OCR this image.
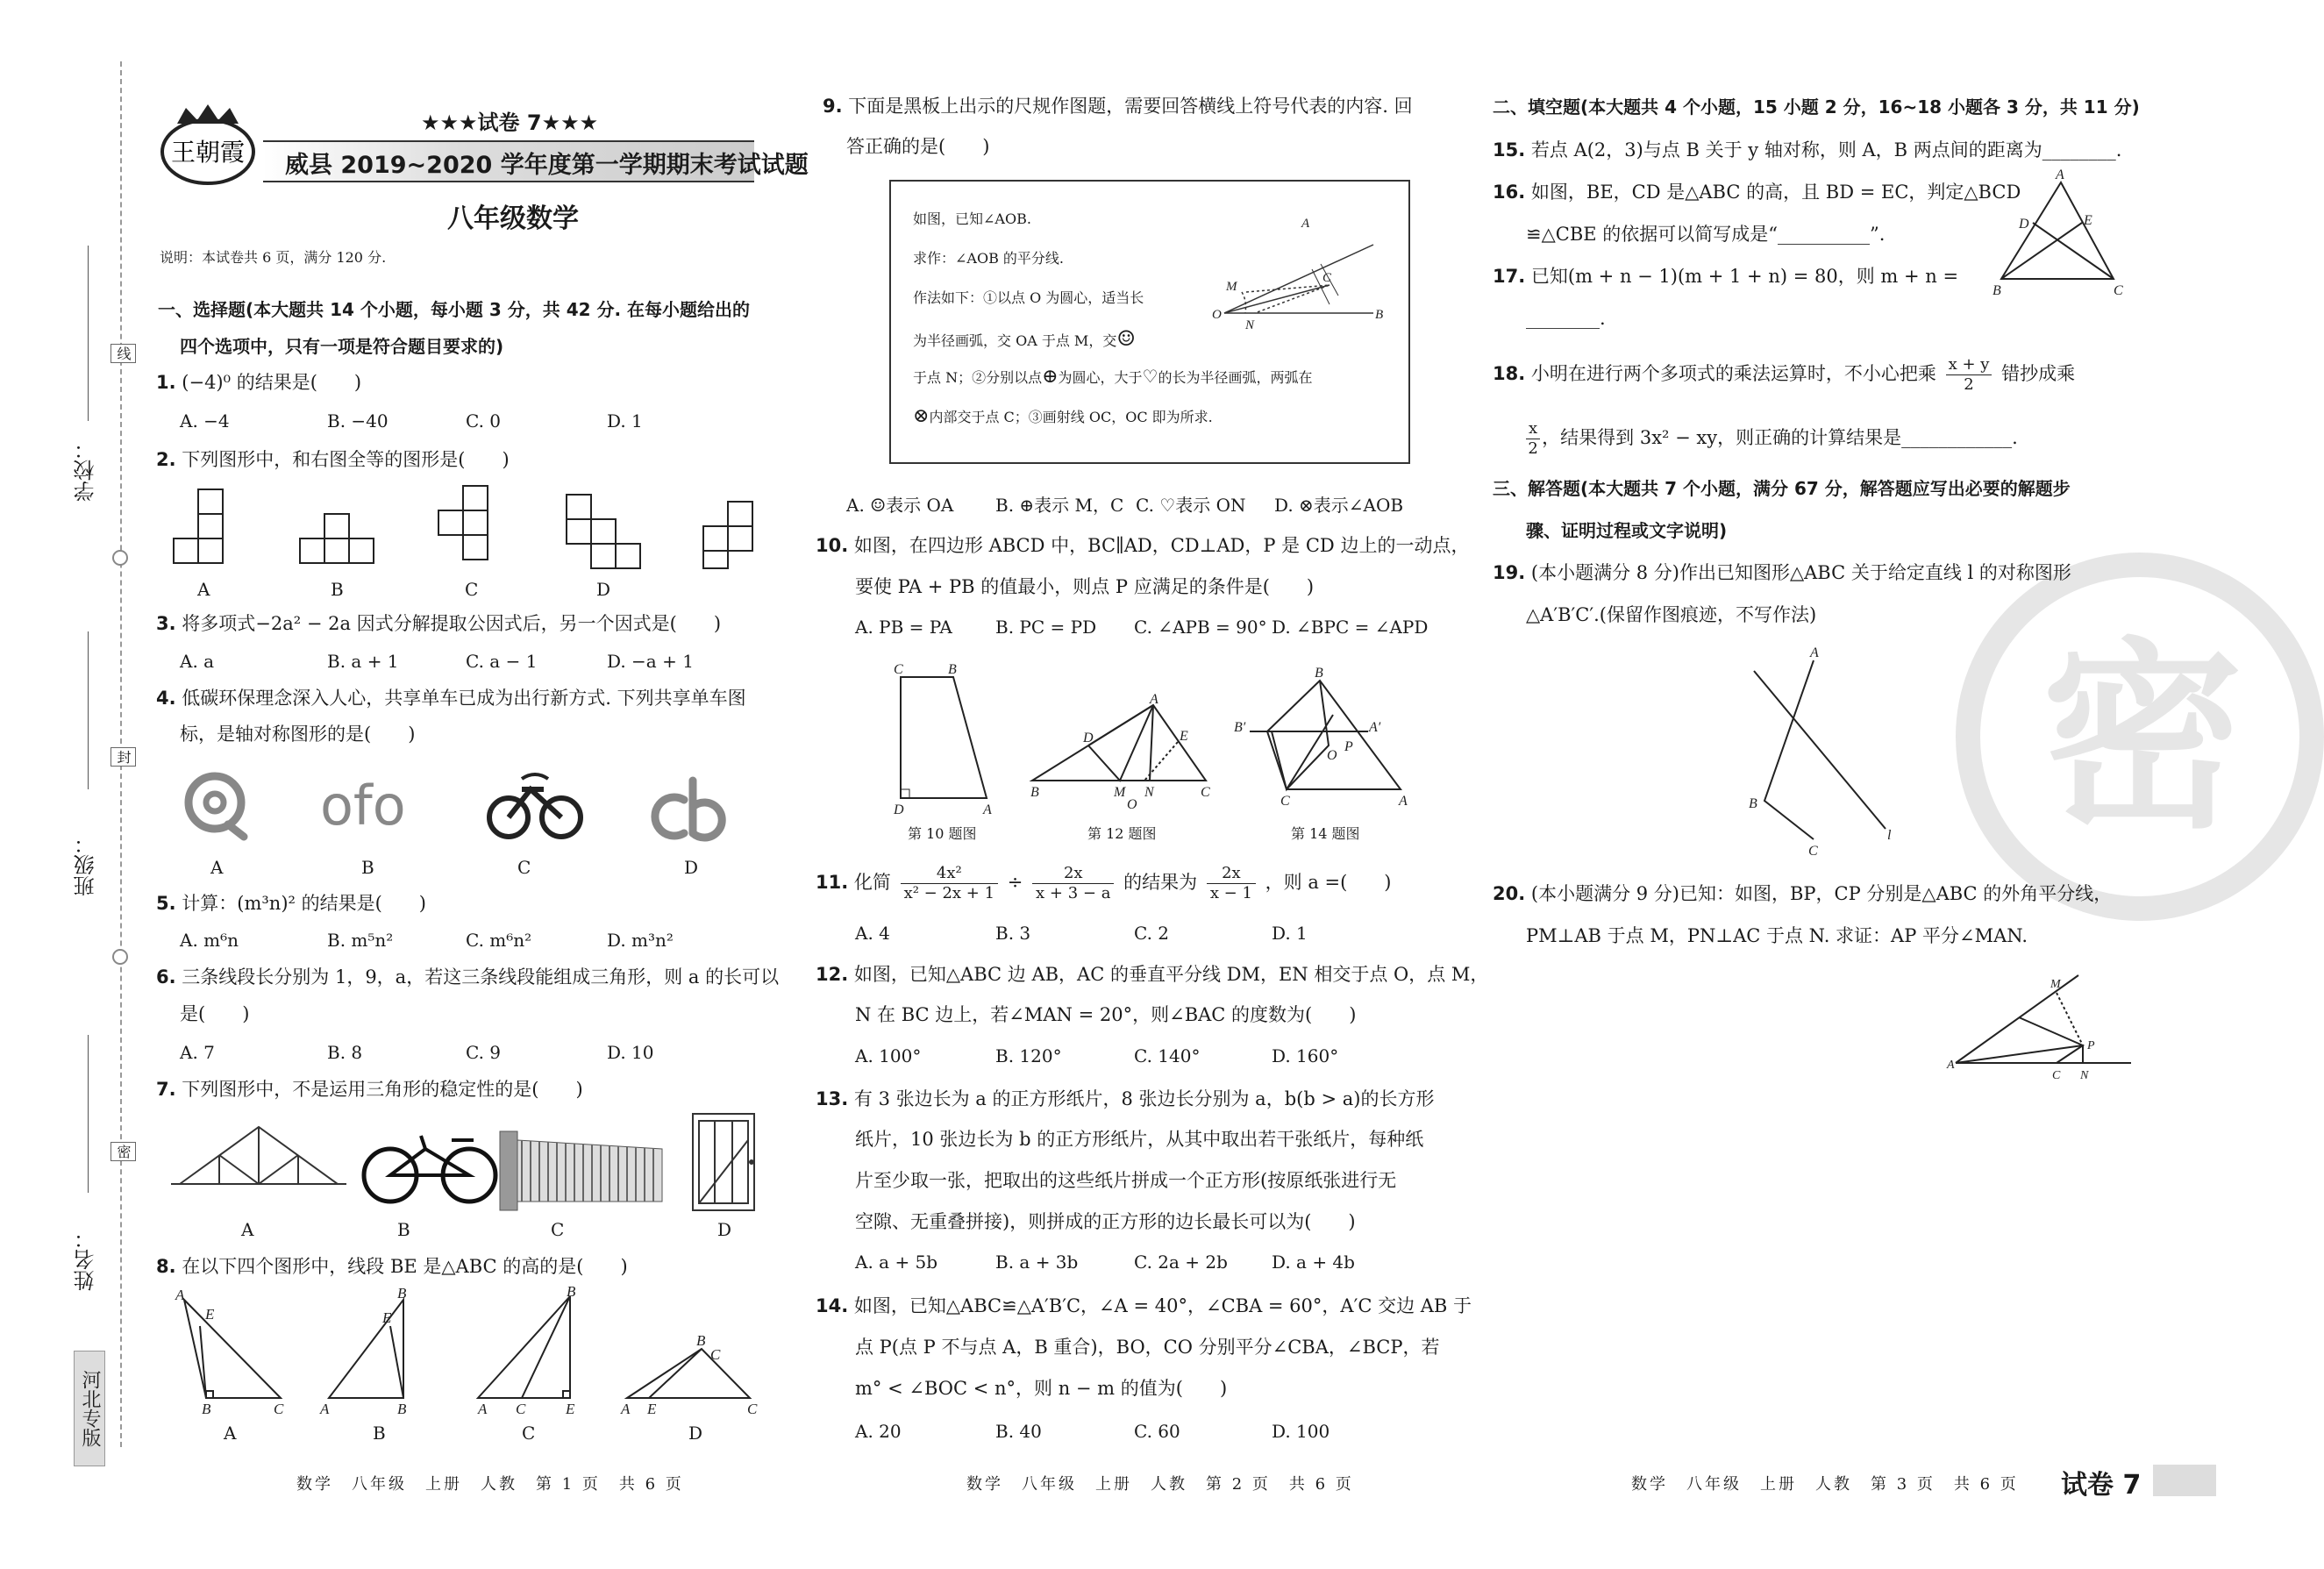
学校：
班级：
姓名：
线
封
密
河北专版
王朝霞
★★★试卷 7★★★
威县 2019~2020 学年度第一学期期末考试试题
八年级数学
说明：本试卷共 6 页，满分 120 分.
一、选择题(本大题共 14 个小题，每小题 3 分，共 42 分. 在每小题给出的
四个选项中，只有一项是符合题目要求的)
1. (−4)⁰ 的结果是(　　)
A. −4	B. −40	C. 0	D. 1
2. 下列图形中，和右图全等的图形是(　　)
A	B	C	D
3. 将多项式−2a² − 2a 因式分解提取公因式后，另一个因式是(　　)
A. a	B. a + 1	C. a − 1	D. −a + 1
4. 低碳环保理念深入人心，共享单车已成为出行新方式. 下列共享单车图
标，是轴对称图形的是(　　)
ofo
A	B	C	D
5. 计算：(m³n)² 的结果是(　　)
A. m⁶n	B. m⁵n²	C. m⁶n²	D. m³n²
6. 三条线段长分别为 1，9，a，若这三条线段能组成三角形，则 a 的长可以
是(　　)
A. 7	B. 8	C. 9	D. 10
7. 下列图形中，不是运用三角形的稳定性的是(　　)
A	B	C	D
8. 在以下四个图形中，线段 BE 是△ABC 的高的是(　　)
A
E
B	C A
B
E
B	A
B
C	E	A
B
C
E	C
A	B	C	D
数学　八年级　上册　人教　第 1 页　共 6 页
9. 下面是黑板上出示的尺规作图题，需要回答横线上符号代表的内容. 回
答正确的是(　　)
如图，已知∠AOB.
求作：∠AOB 的平分线.
作法如下：①以点 O 为圆心，适当长
为半径画弧，交 OA 于点 M，交☺
于点 N；②分别以点⊕为圆心，大于♡的长为半径画弧，两弧在
⊗内部交于点 C；③画射线 OC，OC 即为所求.
O	B
A
M
N
C
A. ☺表示 OA B. ⊕表示 M，C C. ♡表示 ON D. ⊗表示∠AOB
10. 如图，在四边形 ABCD 中，BC∥AD，CD⊥AD，P 是 CD 边上的一动点，
要使 PA + PB 的值最小，则点 P 应满足的条件是(　　)
A. PB = PA B. PC = PD C. ∠APB = 90° D. ∠BPC = ∠APD
C	B
D	A
A
D	E
B	M N	C
O
B′
B
A′
O
P
C	A
第 10 题图	第 12 题图	第 14 题图
11. 化简 $\frac{\text{4x²}}{\text{x² − 2x + 1}} \div \frac{2x}{x + 3 - a}$ 的结果为 $\frac{2x}{x - 1}$ ，则 a =(　　)
A. 4	B. 3	C. 2	D. 1
12. 如图，已知△ABC 边 AB，AC 的垂直平分线 DM，EN 相交于点 O，点 M，
N 在 BC 边上，若∠MAN = 20°，则∠BAC 的度数为(　　)
A. 100°	B. 120°	C. 140°	D. 160°
13. 有 3 张边长为 a 的正方形纸片，8 张边长分别为 a，b(b > a)的长方形
纸片，10 张边长为 b 的正方形纸片，从其中取出若干张纸片，每种纸
片至少取一张，把取出的这些纸片拼成一个正方形(按原纸张进行无
空隙、无重叠拼接)，则拼成的正方形的边长最长可以为(　　)
A. a + 5b	B. a + 3b	C. 2a + 2b	D. a + 4b
14. 如图，已知△ABC≌△A′B′C，∠A = 40°，∠CBA = 60°，A′C 交边 AB 于
点 P(点 P 不与点 A，B 重合)，BO，CO 分别平分∠CBA，∠BCP，若
m° < ∠BOC < n°，则 n − m 的值为(　　)
A. 20	B. 40	C. 60	D. 100
数学　八年级　上册　人教　第 2 页　共 6 页
密
二、填空题(本大题共 4 个小题，15 小题 2 分，16~18 小题各 3 分，共 11 分)
15. 若点 A(2，3)与点 B 关于 y 轴对称，则 A，B 两点间的距离为________.
16. 如图，BE，CD 是△ABC 的高，且 BD = EC，判定△BCD
≌△CBE 的依据可以简写成是“__________”.
A
D	E
B	C
17. 已知(m + n − 1)(m + 1 + n) = 80，则 m + n =
________.
18. 小明在进行两个多项式的乘法运算时，不小心把乘 $\frac{x + y}{2}$ 错抄成乘
$\frac{x}{2}$ ，结果得到 3x² − xy，则正确的计算结果是____________.
三、解答题(本大题共 7 个小题，满分 67 分，解答题应写出必要的解题步
骤、证明过程或文字说明)
19. (本小题满分 8 分)作出已知图形△ABC 关于给定直线 l 的对称图形
△A′B′C′.(保留作图痕迹，不写作法)
A
B
C
l
20. (本小题满分 9 分)已知：如图，BP，CP 分别是△ABC 的外角平分线，
PM⊥AB 于点 M，PN⊥AC 于点 N. 求证：AP 平分∠MAN.
A
M
P
C N
数学　八年级　上册　人教　第 3 页　共 6 页 试卷 7
